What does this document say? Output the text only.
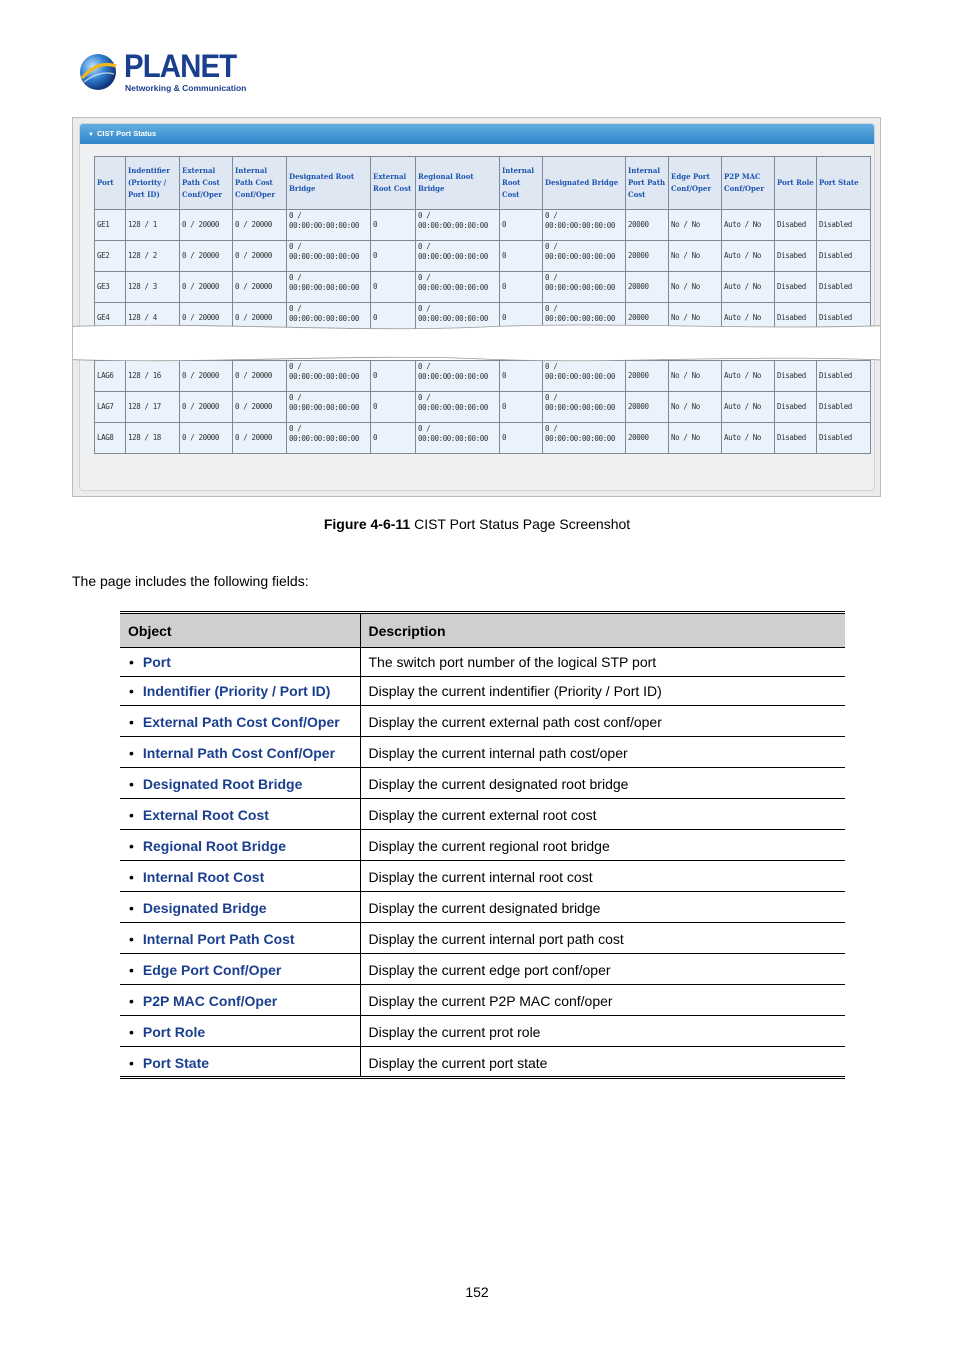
PLANET
Networking & Communication
▼ CIST Port Status
Port	Indentifier (Priority / Port ID)	External Path Cost Conf/Oper	Internal Path Cost Conf/Oper	Designated Root Bridge	External Root Cost	Regional Root Bridge	Internal Root Cost	Designated Bridge	Internal Port Path Cost	Edge Port Conf/Oper	P2P MAC Conf/Oper	Port Role	Port State
GE1	128 / 1	0 / 20000	0 / 20000	0 / 00:00:00:00:00:00	0	0 / 00:00:00:00:00:00	0	0 / 00:00:00:00:00:00	20000	No / No	Auto / No	Disabed	Disabled
GE2	128 / 2	0 / 20000	0 / 20000	0 / 00:00:00:00:00:00	0	0 / 00:00:00:00:00:00	0	0 / 00:00:00:00:00:00	20000	No / No	Auto / No	Disabed	Disabled
GE3	128 / 3	0 / 20000	0 / 20000	0 / 00:00:00:00:00:00	0	0 / 00:00:00:00:00:00	0	0 / 00:00:00:00:00:00	20000	No / No	Auto / No	Disabed	Disabled
GE4	128 / 4	0 / 20000	0 / 20000	0 / 00:00:00:00:00:00	0	0 / 00:00:00:00:00:00	0	0 / 00:00:00:00:00:00	20000	No / No	Auto / No	Disabed	Disabled

LAG6	128 / 16	0 / 20000	0 / 20000	0 / 00:00:00:00:00:00	0	0 / 00:00:00:00:00:00	0	0 / 00:00:00:00:00:00	20000	No / No	Auto / No	Disabed	Disabled
LAG7	128 / 17	0 / 20000	0 / 20000	0 / 00:00:00:00:00:00	0	0 / 00:00:00:00:00:00	0	0 / 00:00:00:00:00:00	20000	No / No	Auto / No	Disabed	Disabled
LAG8	128 / 18	0 / 20000	0 / 20000	0 / 00:00:00:00:00:00	0	0 / 00:00:00:00:00:00	0	0 / 00:00:00:00:00:00	20000	No / No	Auto / No	Disabed	Disabled
Figure 4-6-11 CIST Port Status Page Screenshot
The page includes the following fields:
Object	Description
• Port	The switch port number of the logical STP port
• Indentifier (Priority / Port ID)	Display the current indentifier (Priority / Port ID)
• External Path Cost Conf/Oper	Display the current external path cost conf/oper
• Internal Path Cost Conf/Oper	Display the current internal path cost/oper
• Designated Root Bridge	Display the current designated root bridge
• External Root Cost	Display the current external root cost
• Regional Root Bridge	Display the current regional root bridge
• Internal Root Cost	Display the current internal root cost
• Designated Bridge	Display the current designated bridge
• Internal Port Path Cost	Display the current internal port path cost
• Edge Port Conf/Oper	Display the current edge port conf/oper
• P2P MAC Conf/Oper	Display the current P2P MAC conf/oper
• Port Role	Display the current prot role
• Port State	Display the current port state
152
